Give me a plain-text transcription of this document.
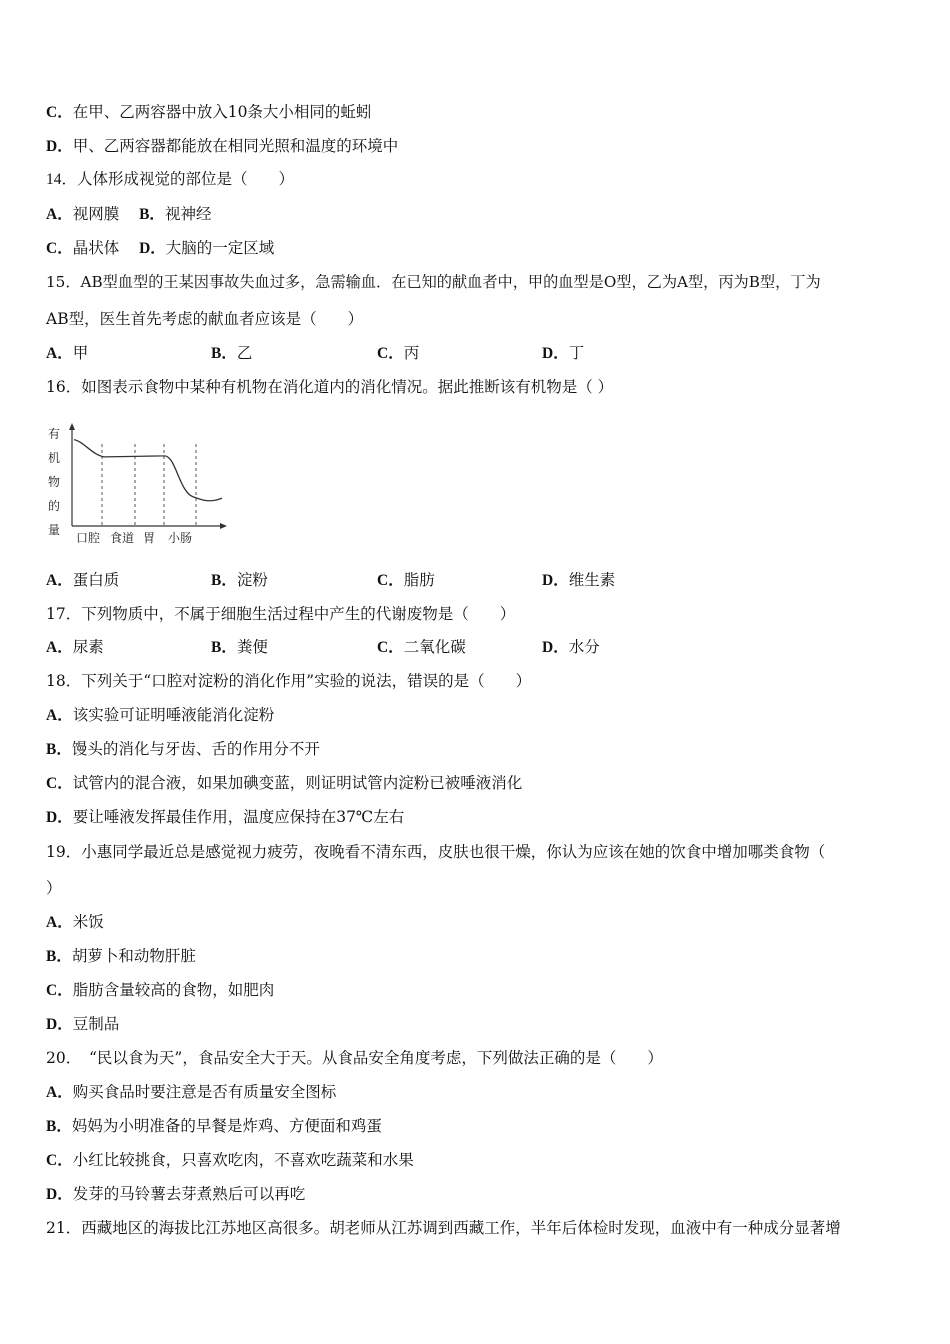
C．在甲、乙两容器中放入10条大小相同的蚯蚓
D．甲、乙两容器都能放在相同光照和温度的环境中
14．人体形成视觉的部位是（　　）
A．视网膜 B．视神经
C．晶状体 D．大脑的一定区域
15．AB型血型的王某因事故失血过多，急需输血．在已知的献血者中，甲的血型是O型，乙为A型，丙为B型，丁为
AB型，医生首先考虑的献血者应该是（　　）
A．甲	B．乙	C．丙	D．丁
16．如图表示食物中某种有机物在消化道内的消化情况。据此推断该有机物是（ ）
有
机
物
的
量
口腔 食道 胃 小肠
A．蛋白质	B．淀粉	C．脂肪	D．维生素
17．下列物质中，不属于细胞生活过程中产生的代谢废物是（　　）
A．尿素	B．粪便	C．二氧化碳	D．水分
18．下列关于“口腔对淀粉的消化作用”实验的说法，错误的是（　　）
A．该实验可证明唾液能消化淀粉
B．馒头的消化与牙齿、舌的作用分不开
C．试管内的混合液，如果加碘变蓝，则证明试管内淀粉已被唾液消化
D．要让唾液发挥最佳作用，温度应保持在37℃左右
19．小惠同学最近总是感觉视力疲劳，夜晚看不清东西，皮肤也很干燥，你认为应该在她的饮食中增加哪类食物（
）
A．米饭
B．胡萝卜和动物肝脏
C．脂肪含量较高的食物，如肥肉
D．豆制品
20．　“民以食为天”，食品安全大于天。从食品安全角度考虑，下列做法正确的是（　　）
A．购买食品时要注意是否有质量安全图标
B．妈妈为小明准备的早餐是炸鸡、方便面和鸡蛋
C．小红比较挑食，只喜欢吃肉，不喜欢吃蔬菜和水果
D．发芽的马铃薯去芽煮熟后可以再吃
21．西藏地区的海拔比江苏地区高很多。胡老师从江苏调到西藏工作，半年后体检时发现，血液中有一种成分显著增
